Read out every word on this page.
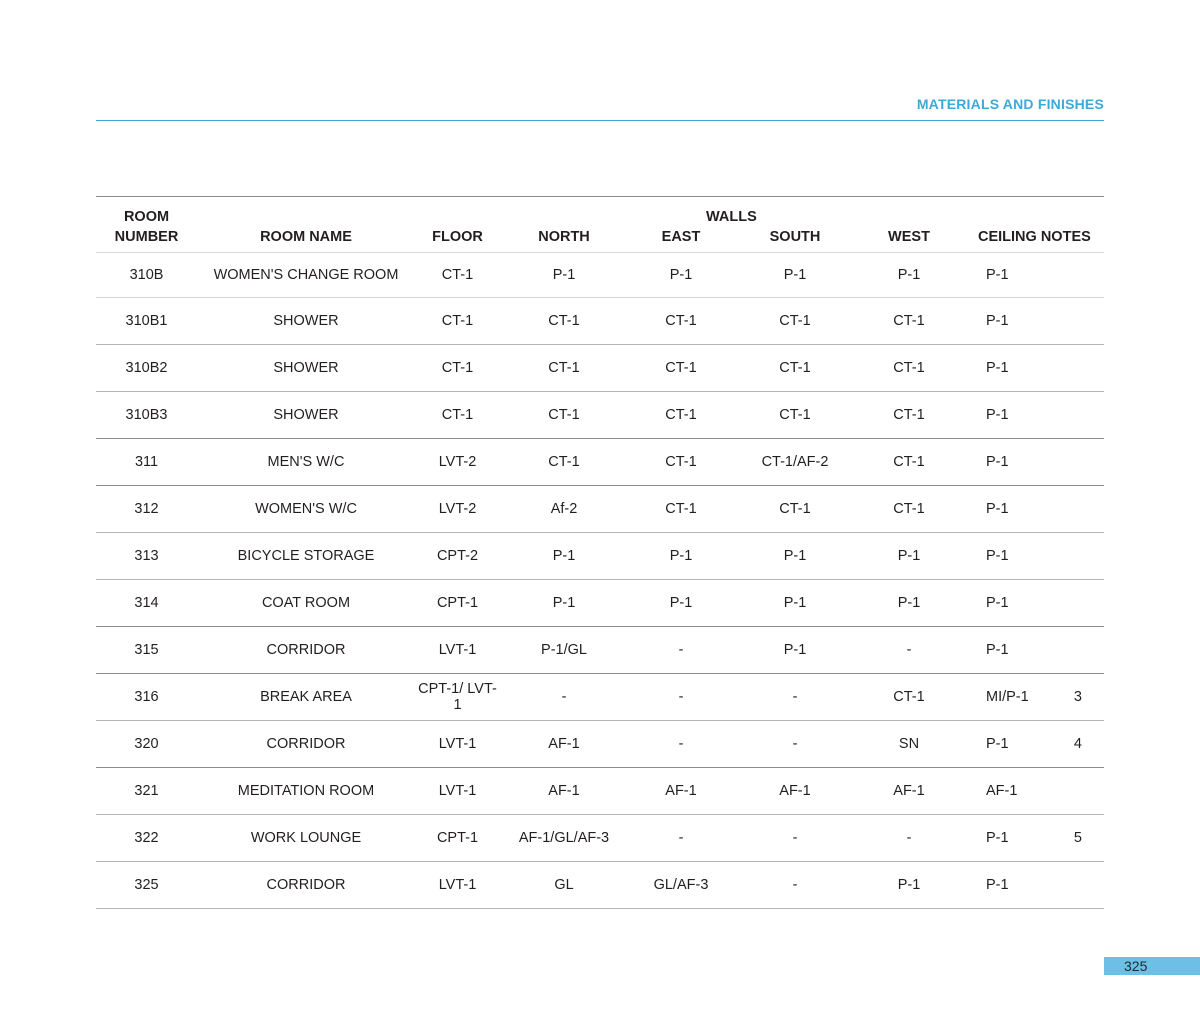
MATERIALS AND FINISHES
ROOM				WALLS				
NUMBER	ROOM NAME	FLOOR	NORTH	EAST	SOUTH	WEST	CEILING NOTES	
310B	WOMEN'S CHANGE ROOM	CT-1	P-1	P-1	P-1	P-1	P-1	
310B1	SHOWER	CT-1	CT-1	CT-1	CT-1	CT-1	P-1	
310B2	SHOWER	CT-1	CT-1	CT-1	CT-1	CT-1	P-1	
310B3	SHOWER	CT-1	CT-1	CT-1	CT-1	CT-1	P-1	
311	MEN'S W/C	LVT-2	CT-1	CT-1	CT-1/AF-2	CT-1	P-1	
312	WOMEN'S W/C	LVT-2	Af-2	CT-1	CT-1	CT-1	P-1	
313	BICYCLE STORAGE	CPT-2	P-1	P-1	P-1	P-1	P-1	
314	COAT ROOM	CPT-1	P-1	P-1	P-1	P-1	P-1	
315	CORRIDOR	LVT-1	P-1/GL	-	P-1	-	P-1	
316	BREAK AREA	CPT-1/ LVT-1	-	-	-	CT-1	MI/P-1	3
320	CORRIDOR	LVT-1	AF-1	-	-	SN	P-1	4
321	MEDITATION ROOM	LVT-1	AF-1	AF-1	AF-1	AF-1	AF-1	
322	WORK LOUNGE	CPT-1	AF-1/GL/AF-3	-	-	-	P-1	5
325	CORRIDOR	LVT-1	GL	GL/AF-3	-	P-1	P-1	
325
